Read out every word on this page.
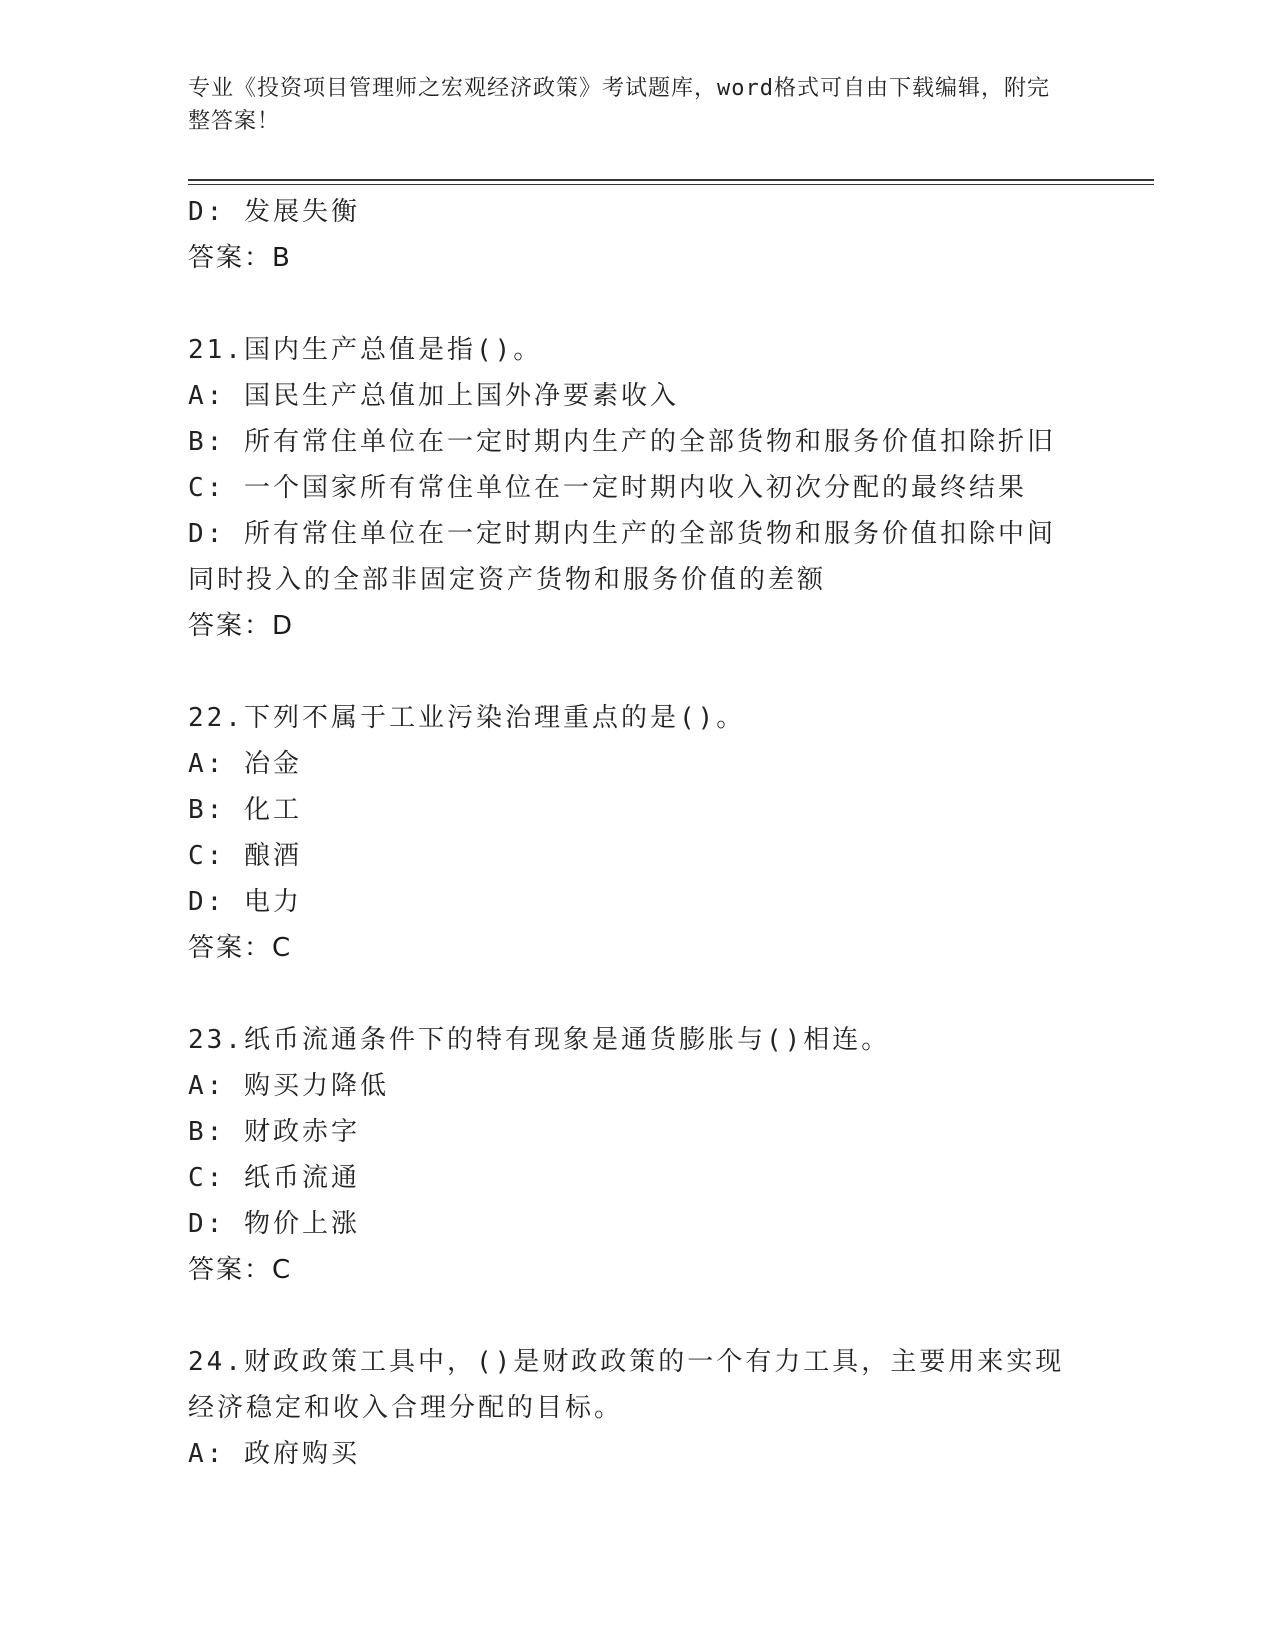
专业《投资项目管理师之宏观经济政策》考试题库，word格式可自由下载编辑，附完整答案！
D: 发展失衡
答案：B
21.国内生产总值是指()。
A: 国民生产总值加上国外净要素收入
B: 所有常住单位在一定时期内生产的全部货物和服务价值扣除折旧
C: 一个国家所有常住单位在一定时期内收入初次分配的最终结果
D: 所有常住单位在一定时期内生产的全部货物和服务价值扣除中间同时投入的全部非固定资产货物和服务价值的差额
答案：D
22.下列不属于工业污染治理重点的是()。
A: 冶金
B: 化工
C: 酿酒
D: 电力
答案：C
23.纸币流通条件下的特有现象是通货膨胀与()相连。
A: 购买力降低
B: 财政赤字
C: 纸币流通
D: 物价上涨
答案：C
24.财政政策工具中，()是财政政策的一个有力工具，主要用来实现经济稳定和收入合理分配的目标。
A: 政府购买
